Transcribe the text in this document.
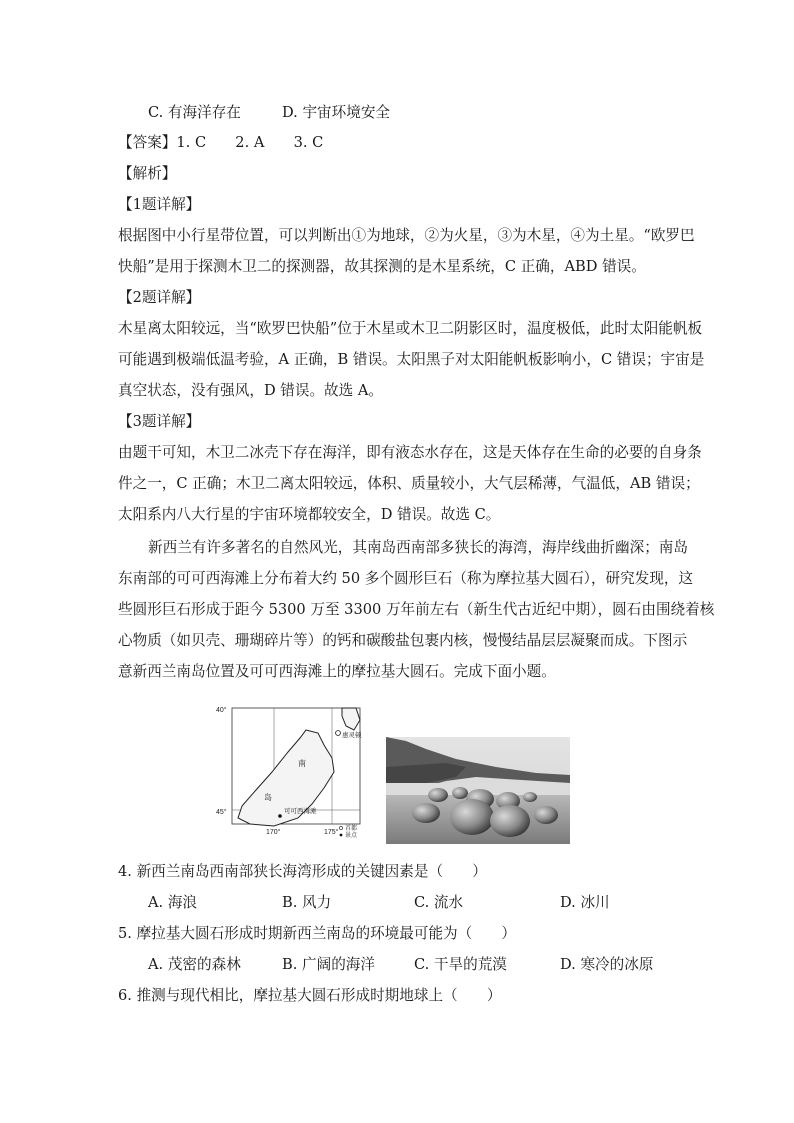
C. 有海洋存在	D. 宇宙环境安全
【答案】1. C　　2. A　　3. C
【解析】
【1题详解】
根据图中小行星带位置，可以判断出①为地球，②为火星，③为木星，④为土星。“欧罗巴
快船”是用于探测木卫二的探测器，故其探测的是木星系统，C 正确，ABD 错误。
【2题详解】
木星离太阳较远，当“欧罗巴快船”位于木星或木卫二阴影区时，温度极低，此时太阳能帆板
可能遇到极端低温考验，A 正确，B 错误。太阳黑子对太阳能帆板影响小，C 错误；宇宙是
真空状态，没有强风，D 错误。故选 A。
【3题详解】
由题干可知，木卫二冰壳下存在海洋，即有液态水存在，这是天体存在生命的必要的自身条
件之一，C 正确；木卫二离太阳较远，体积、质量较小，大气层稀薄，气温低，AB 错误；
太阳系内八大行星的宇宙环境都较安全，D 错误。故选 C。
新西兰有许多著名的自然风光，其南岛西南部多狭长的海湾，海岸线曲折幽深；南岛
东南部的可可西海滩上分布着大约 50 多个圆形巨石（称为摩拉基大圆石），研究发现，这
些圆形巨石形成于距今 5300 万至 3300 万年前左右（新生代古近纪中期），圆石由围绕着核
心物质（如贝壳、珊瑚碎片等）的钙和碳酸盐包裹内核，慢慢结晶层层凝聚而成。下图示
意新西兰南岛位置及可可西海滩上的摩拉基大圆石。完成下面小题。
40°
45°
170°	175°
南
岛
惠灵顿
可可西海滩
首都
景点
4. 新西兰南岛西南部狭长海湾形成的关键因素是（　　）
A. 海浪	B. 风力	C. 流水	D. 冰川
5. 摩拉基大圆石形成时期新西兰南岛的环境最可能为（　　）
A. 茂密的森林	B. 广阔的海洋	C. 干旱的荒漠	D. 寒冷的冰原
6. 推测与现代相比，摩拉基大圆石形成时期地球上（　　）
